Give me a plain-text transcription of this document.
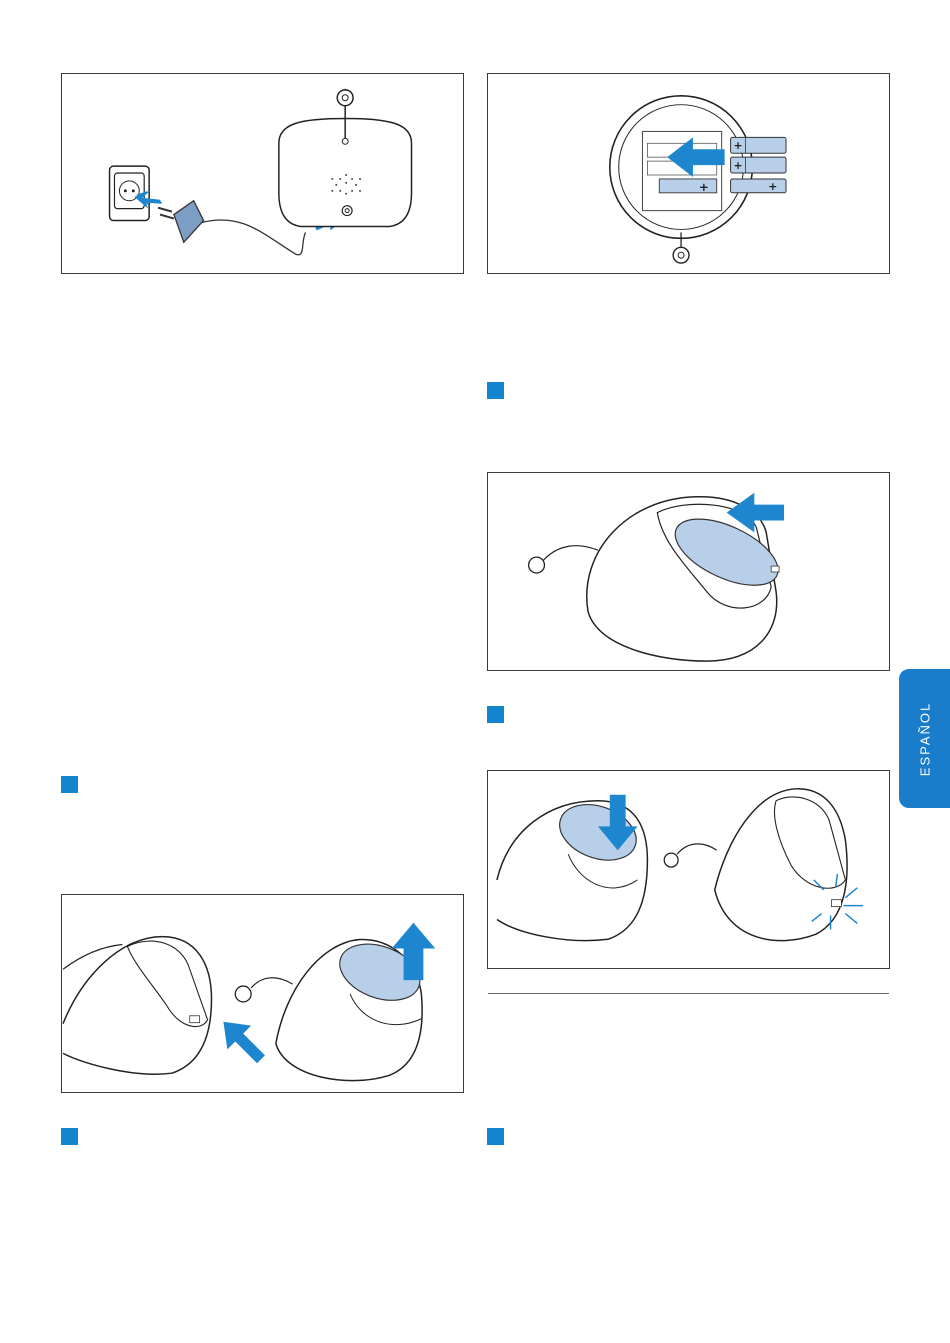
+
+
+
+
ESPAÑOL
